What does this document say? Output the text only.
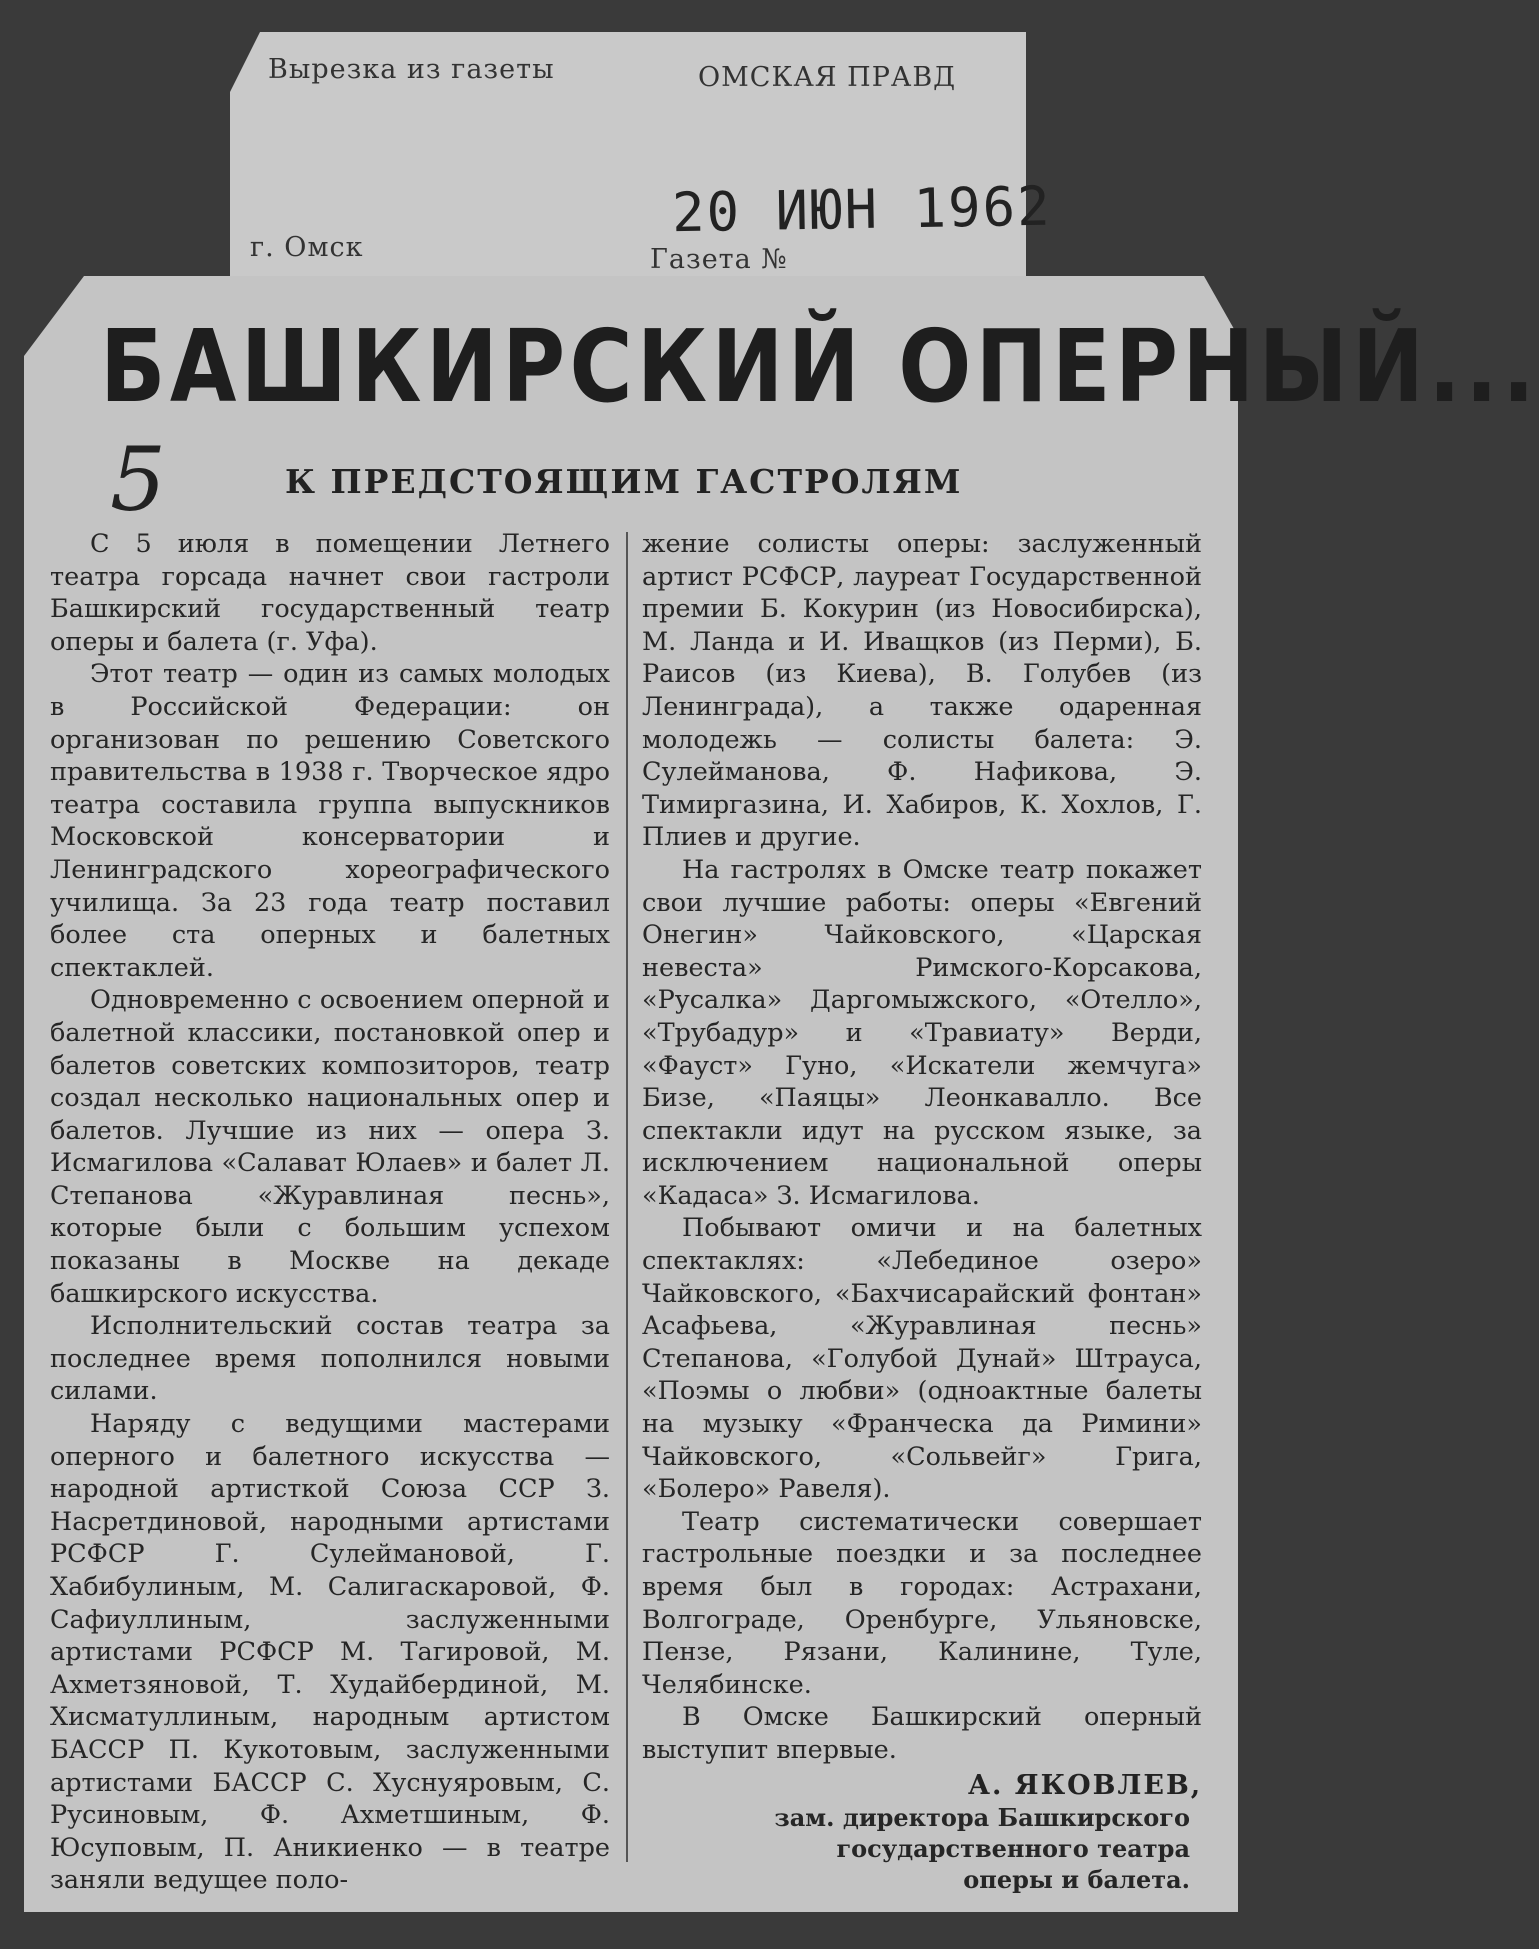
Вырезка из газеты	ОМСКАЯ ПРАВД
г. Омск	Газета №
20 ИЮН 1962
БАШКИРСКИЙ ОПЕРНЫЙ...
5	К ПРЕДСТОЯЩИМ ГАСТРОЛЯМ

С 5 июля в помещении Летнего театра горсада начнет свои гастроли Башкирский государственный театр оперы и балета (г. Уфа).

Этот театр — один из самых молодых в Российской Федерации: он организован по решению Советского правительства в 1938 г. Творческое ядро театра составила группа выпускников Московской консерватории и Ленинградского хореографического училища. За 23 года театр поставил более ста оперных и балетных спектаклей.

Одновременно с освоением оперной и балетной классики, постановкой опер и балетов советских композиторов, театр создал несколько национальных опер и балетов. Лучшие из них — опера З. Исмагилова «Салават Юлаев» и балет Л. Степанова «Журавлиная песнь», которые были с большим успехом показаны в Москве на декаде башкирского искусства.

Исполнительский состав театра за последнее время пополнился новыми силами.

Наряду с ведущими мастерами оперного и балетного искусства — народной артисткой Союза ССР З. Насретдиновой, народными артистами РСФСР Г. Сулеймановой, Г. Хабибулиным, М. Салигаскаровой, Ф. Сафиуллиным, заслуженными артистами РСФСР М. Тагировой, М. Ахметзяновой, Т. Худайбердиной, М. Хисматуллиным, народным артистом БАССР П. Кукотовым, заслуженными артистами БАССР С. Хуснуяровым, С. Русиновым, Ф. Ахметшиным, Ф. Юсуповым, П. Аникиенко — в театре заняли ведущее поло-

жение солисты оперы: заслуженный артист РСФСР, лауреат Государственной премии Б. Кокурин (из Новосибирска), М. Ланда и И. Иващков (из Перми), Б. Раисов (из Киева), В. Голубев (из Ленинграда), а также одаренная молодежь — солисты балета: Э. Сулейманова, Ф. Нафикова, Э. Тимиргазина, И. Хабиров, К. Хохлов, Г. Плиев и другие.

На гастролях в Омске театр покажет свои лучшие работы: оперы «Евгений Онегин» Чайковского, «Царская невеста» Римского-Корсакова, «Русалка» Даргомыжского, «Отелло», «Трубадур» и «Травиату» Верди, «Фауст» Гуно, «Искатели жемчуга» Бизе, «Паяцы» Леонкавалло. Все спектакли идут на русском языке, за исключением национальной оперы «Кадаса» З. Исмагилова.

Побывают омичи и на балетных спектаклях: «Лебединое озеро» Чайковского, «Бахчисарайский фонтан» Асафьева, «Журавлиная песнь» Степанова, «Голубой Дунай» Штрауса, «Поэмы о любви» (одноактные балеты на музыку «Франческа да Римини» Чайковского, «Сольвейг» Грига, «Болеро» Равеля).

Театр систематически совершает гастрольные поездки и за последнее время был в городах: Астрахани, Волгограде, Оренбурге, Ульяновске, Пензе, Рязани, Калинине, Туле, Челябинске.

В Омске Башкирский оперный выступит впервые.

А. ЯКОВЛЕВ,
зам. директора Башкирского
государственного театра
оперы и балета.
